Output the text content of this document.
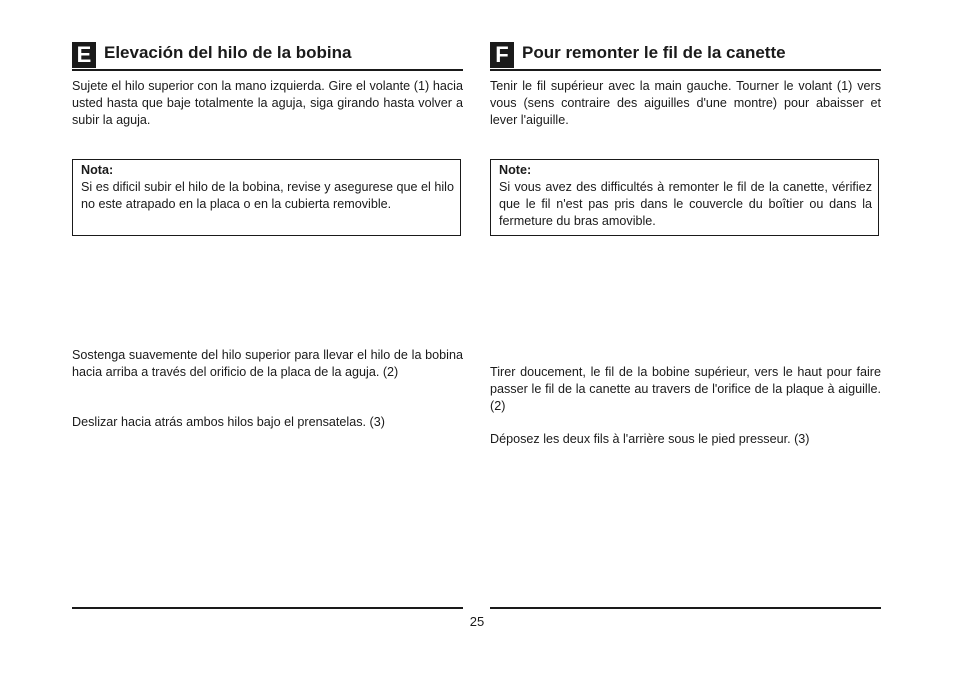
E Elevación del hilo de la bobina

Sujete el hilo superior con la mano izquierda. Gire el volante (1) hacia usted hasta que baje totalmente la aguja, siga girando hasta volver a subir la aguja.

Nota:
Si es dificil subir el hilo de la bobina, revise y asegurese que el hilo no este atrapado en la placa o en la cubierta removible.

Sostenga suavemente del hilo superior para llevar el hilo de la bobina hacia arriba a través del orificio de la placa de la aguja. (2)

Deslizar hacia atrás ambos hilos bajo el prensatelas. (3)

F Pour remonter le fil de la canette

Tenir le fil supérieur avec la main gauche. Tourner le volant (1) vers vous (sens contraire des aiguilles d'une montre) pour abaisser et lever l'aiguille.

Note:
Si vous avez des difficultés à remonter le fil de la canette, vérifiez que le fil n'est pas pris dans le couvercle du boîtier ou dans la fermeture du bras amovible.

Tirer doucement, le fil de la bobine supérieur, vers le haut pour faire passer le fil de la canette au travers de l'orifice de la plaque à aiguille. (2)

Déposez les deux fils à l'arrière sous le pied presseur. (3)

25
